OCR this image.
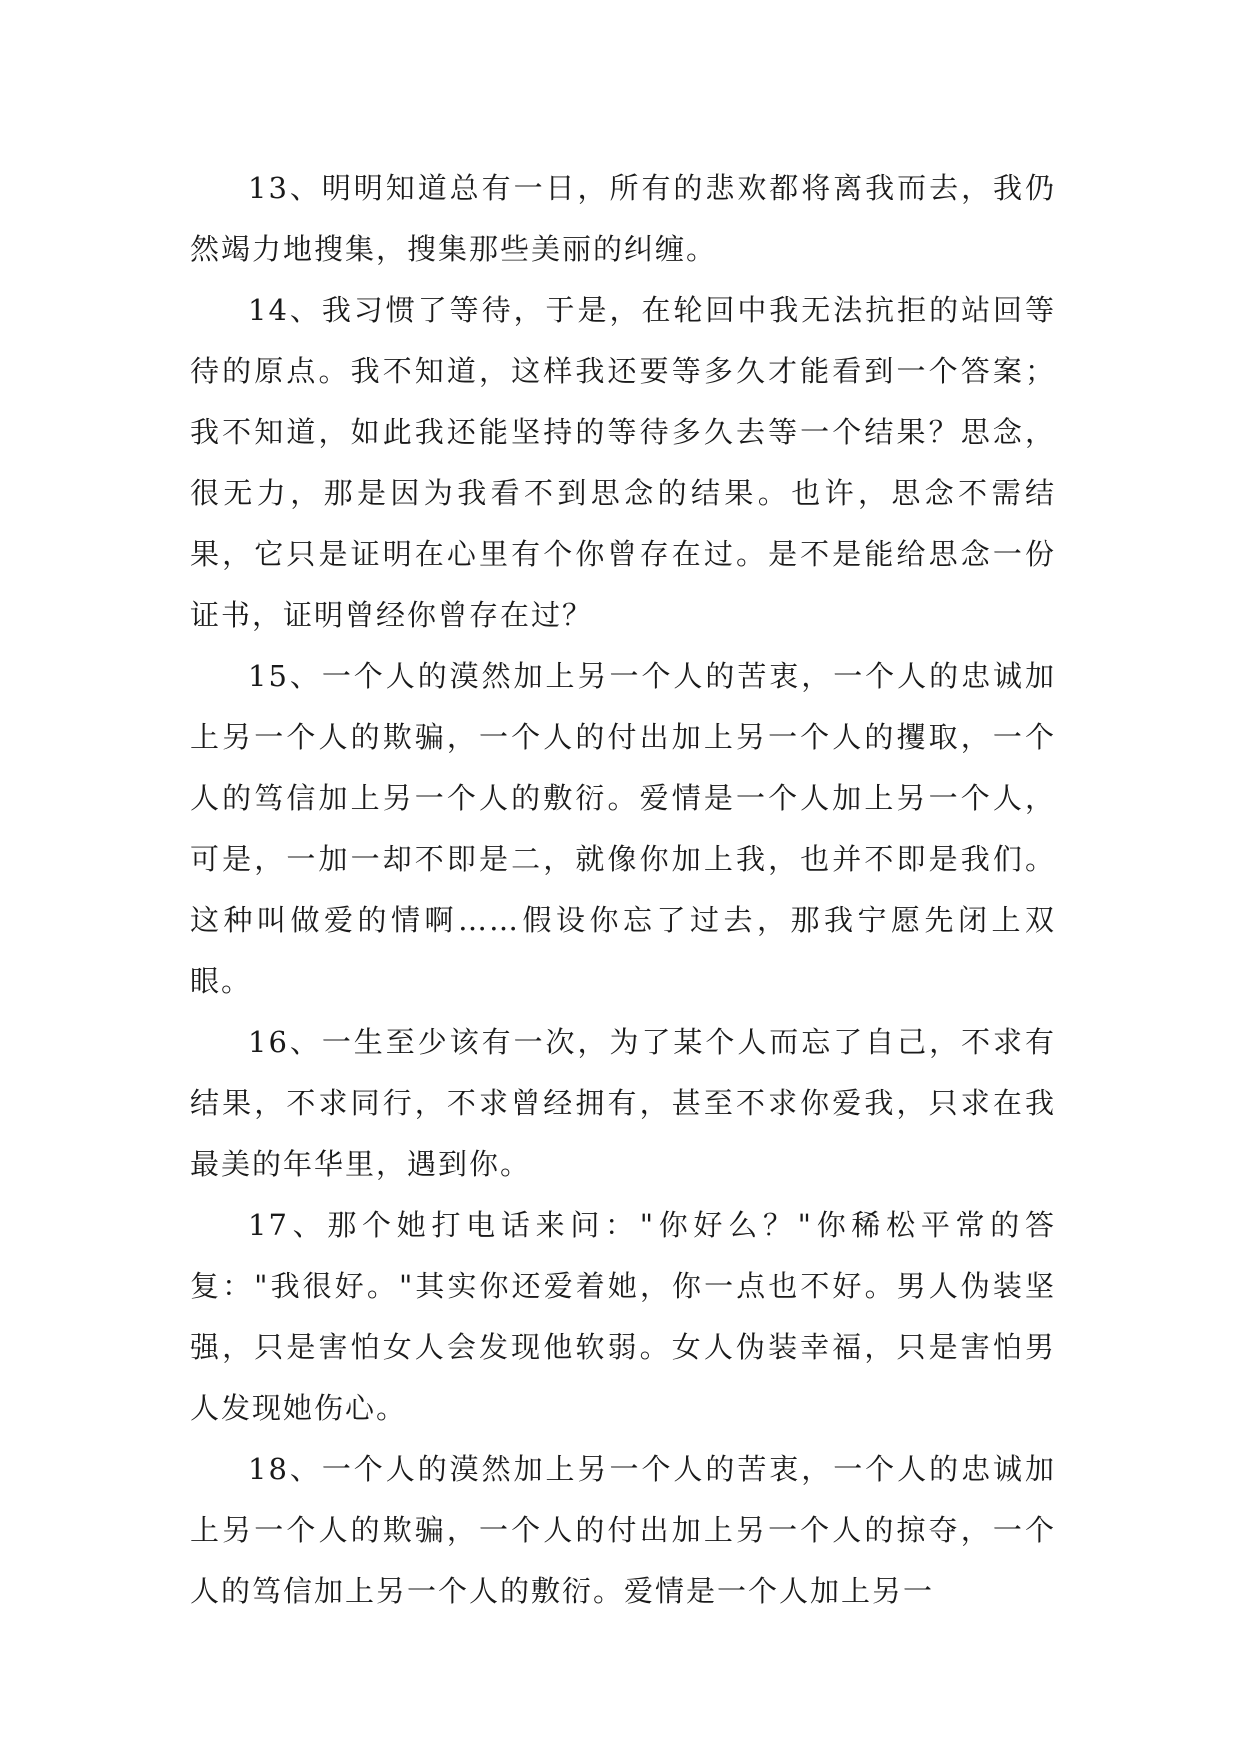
13、明明知道总有一日，所有的悲欢都将离我而去，我仍然竭力地搜集，搜集那些美丽的纠缠。

14、我习惯了等待，于是，在轮回中我无法抗拒的站回等待的原点。我不知道，这样我还要等多久才能看到一个答案；我不知道，如此我还能坚持的等待多久去等一个结果？思念，很无力，那是因为我看不到思念的结果。也许，思念不需结果，它只是证明在心里有个你曾存在过。是不是能给思念一份证书，证明曾经你曾存在过？

15、一个人的漠然加上另一个人的苦衷，一个人的忠诚加上另一个人的欺骗，一个人的付出加上另一个人的攫取，一个人的笃信加上另一个人的敷衍。爱情是一个人加上另一个人，可是，一加一却不即是二，就像你加上我，也并不即是我们。这种叫做爱的情啊……假设你忘了过去，那我宁愿先闭上双眼。

16、一生至少该有一次，为了某个人而忘了自己，不求有结果，不求同行，不求曾经拥有，甚至不求你爱我，只求在我最美的年华里，遇到你。

17、那个她打电话来问："你好么？"你稀松平常的答复："我很好。"其实你还爱着她，你一点也不好。男人伪装坚强，只是害怕女人会发现他软弱。女人伪装幸福，只是害怕男人发现她伤心。

18、一个人的漠然加上另一个人的苦衷，一个人的忠诚加上另一个人的欺骗，一个人的付出加上另一个人的掠夺，一个人的笃信加上另一个人的敷衍。爱情是一个人加上另一
